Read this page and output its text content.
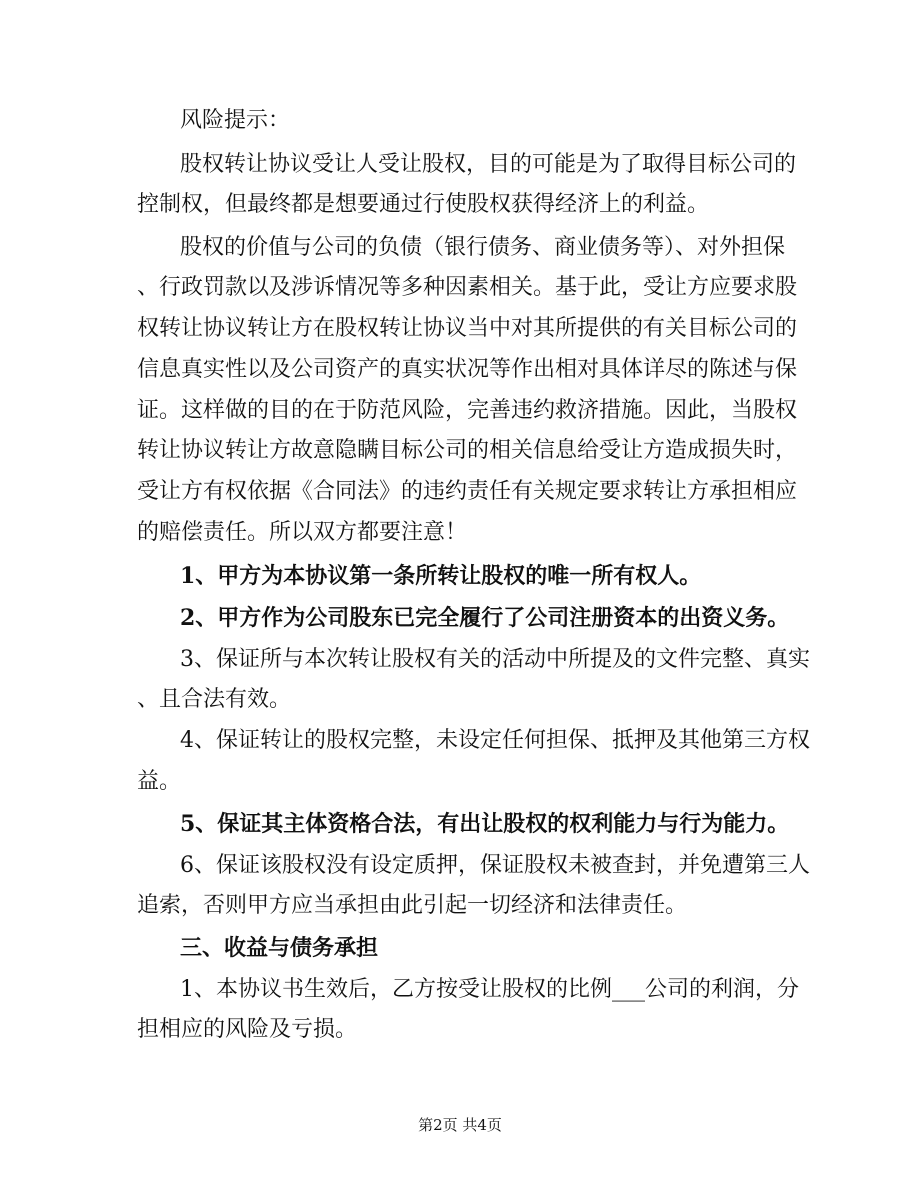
风险提示：

股权转让协议受让人受让股权，目的可能是为了取得目标公司的

控制权，但最终都是想要通过行使股权获得经济上的利益。

股权的价值与公司的负债（银行债务、商业债务等）、对外担保

、行政罚款以及涉诉情况等多种因素相关。基于此，受让方应要求股

权转让协议转让方在股权转让协议当中对其所提供的有关目标公司的

信息真实性以及公司资产的真实状况等作出相对具体详尽的陈述与保

证。这样做的目的在于防范风险，完善违约救济措施。因此，当股权

转让协议转让方故意隐瞒目标公司的相关信息给受让方造成损失时，

受让方有权依据《合同法》的违约责任有关规定要求转让方承担相应

的赔偿责任。所以双方都要注意！

1、甲方为本协议第一条所转让股权的唯一所有权人。

2、甲方作为公司股东已完全履行了公司注册资本的出资义务。

3、保证所与本次转让股权有关的活动中所提及的文件完整、真实

、且合法有效。

4、保证转让的股权完整，未设定任何担保、抵押及其他第三方权

益。

5、保证其主体资格合法，有出让股权的权利能力与行为能力。

6、保证该股权没有设定质押，保证股权未被查封，并免遭第三人

追索，否则甲方应当承担由此引起一切经济和法律责任。

三、收益与债务承担

1、本协议书生效后，乙方按受让股权的比例___公司的利润，分

担相应的风险及亏损。

第2页 共4页
